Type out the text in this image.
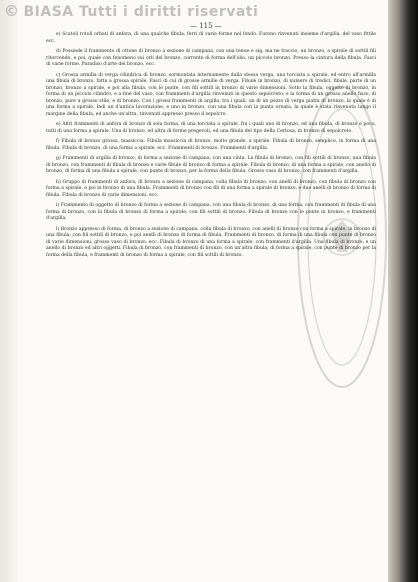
© BIASA Tutti i diritti riservati
— 115 —

e) Scatoli rotoli orbati di anfora, di una qualche fibula, ferri di varie forme nel fondo. Furono rinvenuti insieme d'argilla, del vaso fittile ecc.

d) Possiede il frammento di ottone di bronzo a sezione di campana, con una tenue e sig. ma ne traccio, un bronzo, a spirale di sottili fili ritorcendo, e poi, quale con fenomeno sui orli del bronzo, corrente di forma dell'olio, un piccolo bronzo. Presso la cintura della fibula, Fasci di varie forme. Paradiso d'arte del bronzo, ecc.

c) Grossa armilla di verga cilindrica di bronzo, sormontata internamente dalla stessa verga, una torciata a spirale, ed entro all'armilla una fibula di bronzo, fatta a grossa spirale. Fasci di cui di grosse armille di verga. Fibule in bronzo, di numero di tredici, fibule, parte di un bronzo, bronzo a spirale, e poi alla fibula, con le punte, con fili sottili in bronzo di varie dimensioni. Sotto la fibula, oggetto di bronzo, in forma di un piccolo cilindro, e a fine del vaso, con frammenti d'argilla rinvenuti in questo sepolcreto, e la forma di un grosso anello fisso, di bronzo, pure a grosso stile, e di bronzo. Con i grossi frammenti di argilla, tra i quali, un di un pezzo di verga piatta di bronzo, la quale è di una forma a spirale. Indi un d'antica lavorazione, e uno in bronzo, con una fibula con la punta ornata, la quale è stata rinvenuta lungo il margine della fibula, ed anche un'altra, rinvenuti appresso presso il sepolcro.

e) Altri frammenti di anfora di bronzo di sola forma, di una torciata a spirale, fra i quali uno di bronzo, ed una fibula, di bronzo e poco, tutti di una forma a spirale. Una di bronzo, ed altra di forme pregevoli, ed una fibula del tipo della Certosa, in bronzo di sepolcreto.

f) Fibula di bronzo grossa, massiccia. Fibula massiccia di bronzo, molto grande, a spirale. Fibula di bronzo, semplice, in forma di una fibula. Fibula di bronzo, di una forma a spirale, ecc. Frammenti di bronzo. Frammenti d'argilla.

g) Frammenti di argilla di bronzo, di forma a sezione di campana, con una cinta. La fibula di bronzo, con fili sottili di bronzo, una fibula di bronzo, con frammenti di fibula di bronzo e varie fibule di bronzo di forma a spirale. Fibula di bronzo, di una forma a spirale, con anello di bronzo, di forma di una fibula a spirale, con punte di bronzo, per la forma della fibula. Grosso vaso di bronzo, con frammenti d'argilla.

h) Gruppo di frammenti di anfora, di bronzo a sezione di campana, colla fibula di bronzo, con anelli di bronzo, con fibula di bronzo con forma a spirale, e poi in bronzo di una fibula. Frammenti di bronzo con fili di una forma a spirale di bronzo, e due anelli di bronzo di forma di fibula. Fibula di bronzo di varie dimensioni, ecc.

i) Frammento di oggetto di bronzo di forma a sezione di campana, con una fibula di bronzo, di una forma, con frammenti di fibula di una forma di bronzo, con la fibula di bronzo di forma a spirale, con fili sottili di bronzo. Fibula di bronzo con le punte in bronzo, e frammenti d'argilla.

l) Bronzo appresso di forma, di bronzo a sezione di campana, colla fibula di bronzo, con anelli di bronzo con forma a spirale, in bronzo di una fibula; con fili sottili di bronzo, e poi anelli di bronzo di forma di fibula. Frammenti di bronzo, di forma di una fibula con punte di bronzo di varie dimensioni, grosso vaso di bronzo, ecc. Fibula di bronzo di una forma a spirale, con frammenti d'argilla. Una fibula di bronzo, e un anello di bronzo ed altri oggetti. Fibula di bronzo, con frammenti di bronzo, con un'altra fibula, di forma a spirale, con punte di bronzo per la forma della fibula, e frammenti di bronzo di forma a spirale, con fili sottili di bronzo.
